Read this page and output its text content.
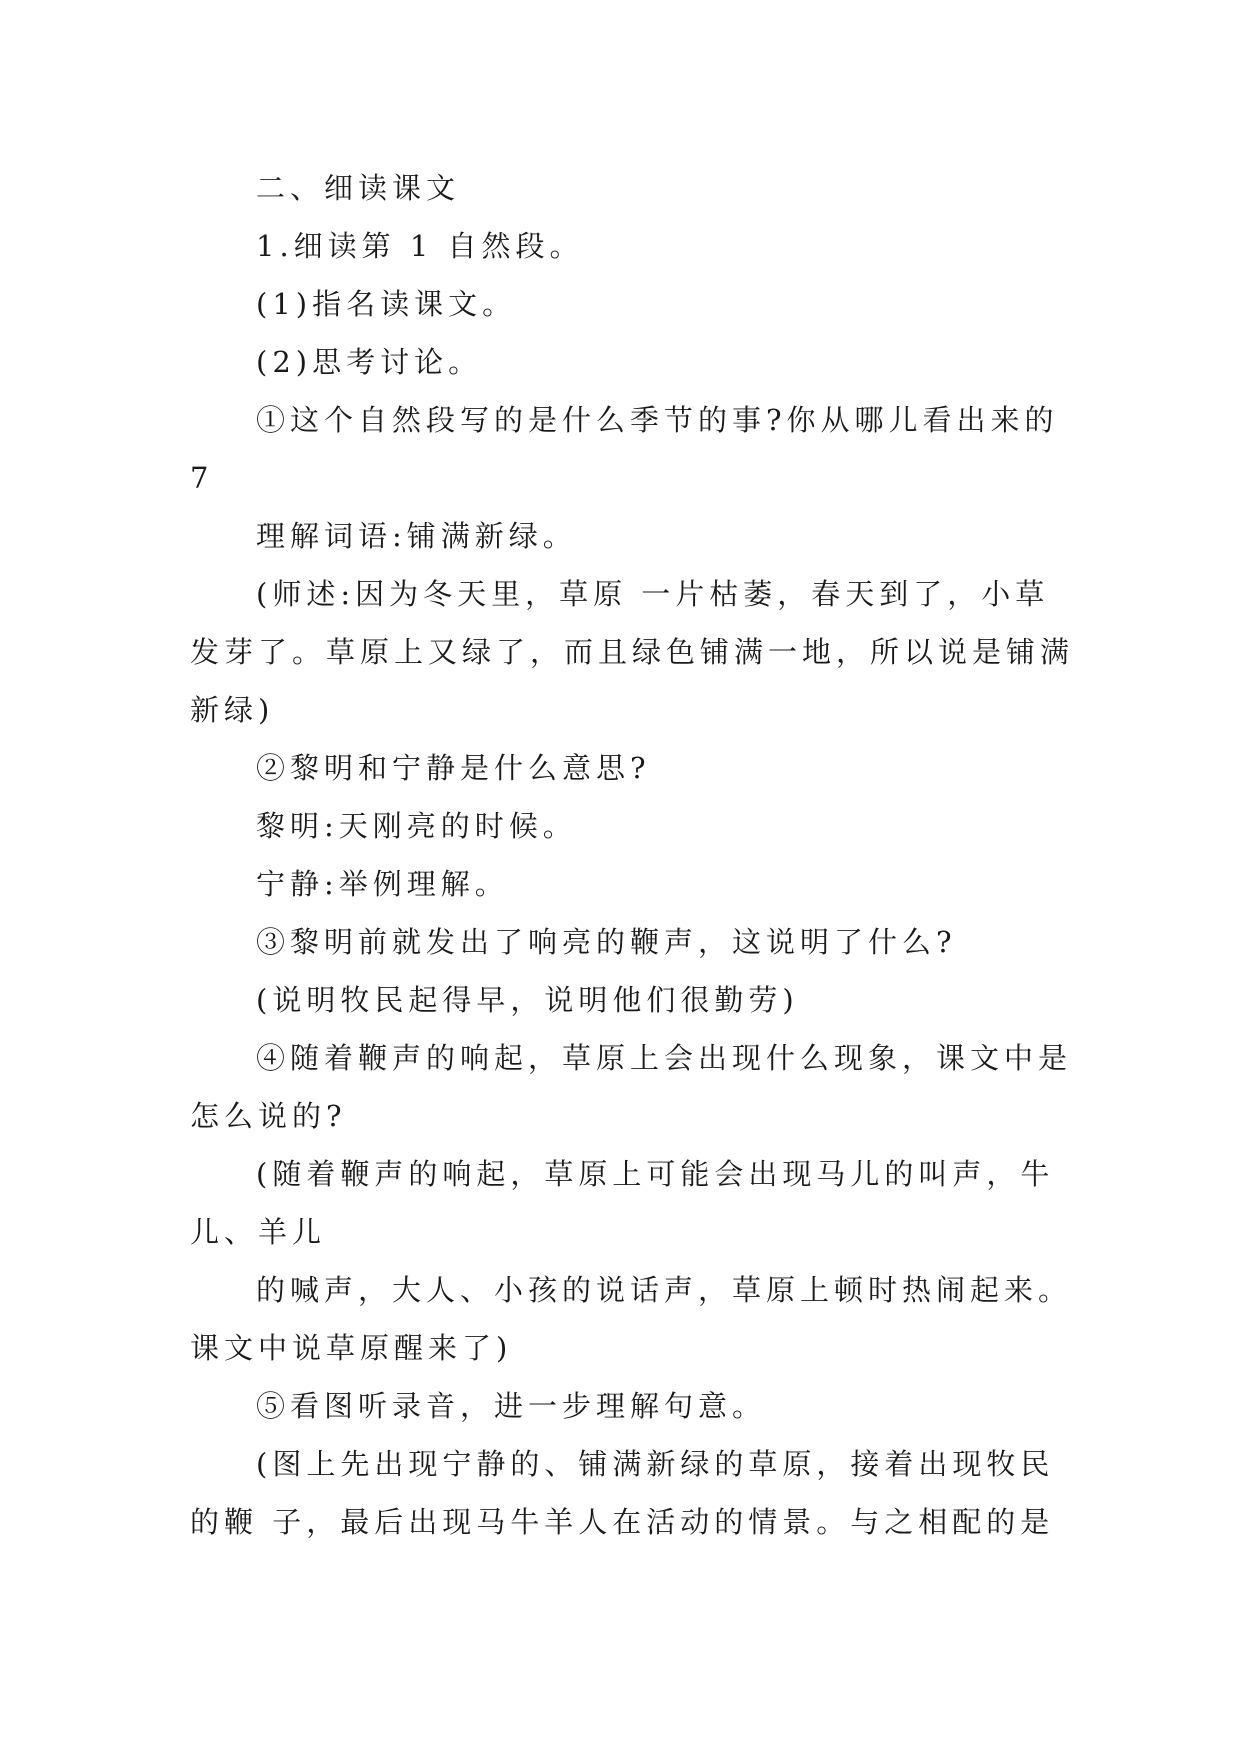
二、细读课文

1.细读第 1 自然段。

(1)指名读课文。

(2)思考讨论。

①这个自然段写的是什么季节的事?你从哪儿看出来的

7

理解词语:铺满新绿。

(师述:因为冬天里，草原 一片枯萎，春天到了，小草

发芽了。草原上又绿了，而且绿色铺满一地，所以说是铺满

新绿)

②黎明和宁静是什么意思?

黎明:天刚亮的时候。

宁静:举例理解。

③黎明前就发出了响亮的鞭声，这说明了什么?

(说明牧民起得早，说明他们很勤劳)

④随着鞭声的响起，草原上会出现什么现象，课文中是

怎么说的?

(随着鞭声的响起，草原上可能会出现马儿的叫声，牛

儿、羊儿

的喊声，大人、小孩的说话声，草原上顿时热闹起来。

课文中说草原醒来了)

⑤看图听录音，进一步理解句意。

(图上先出现宁静的、铺满新绿的草原，接着出现牧民

的鞭 子，最后出现马牛羊人在活动的情景。与之相配的是
